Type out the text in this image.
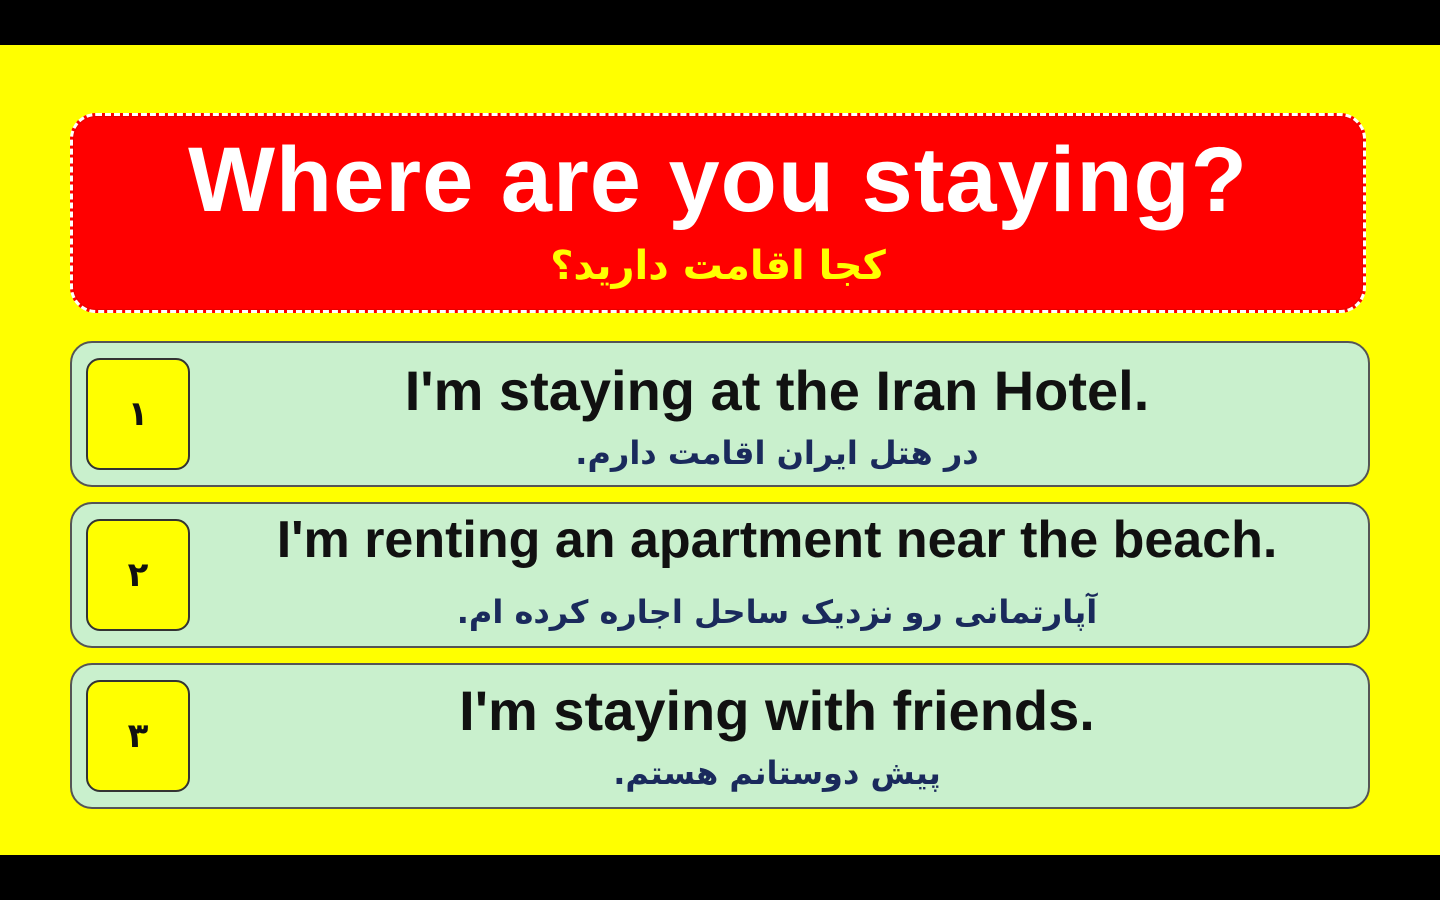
Where are you staying?
کجا اقامت دارید؟
۱	I'm staying at the Iran Hotel.
در هتل ایران اقامت دارم.
۲
I'm renting an apartment near the beach.
آپارتمانی رو نزدیک ساحل اجاره کرده ام.
۳	I'm staying with friends.
پیش دوستانم هستم.
